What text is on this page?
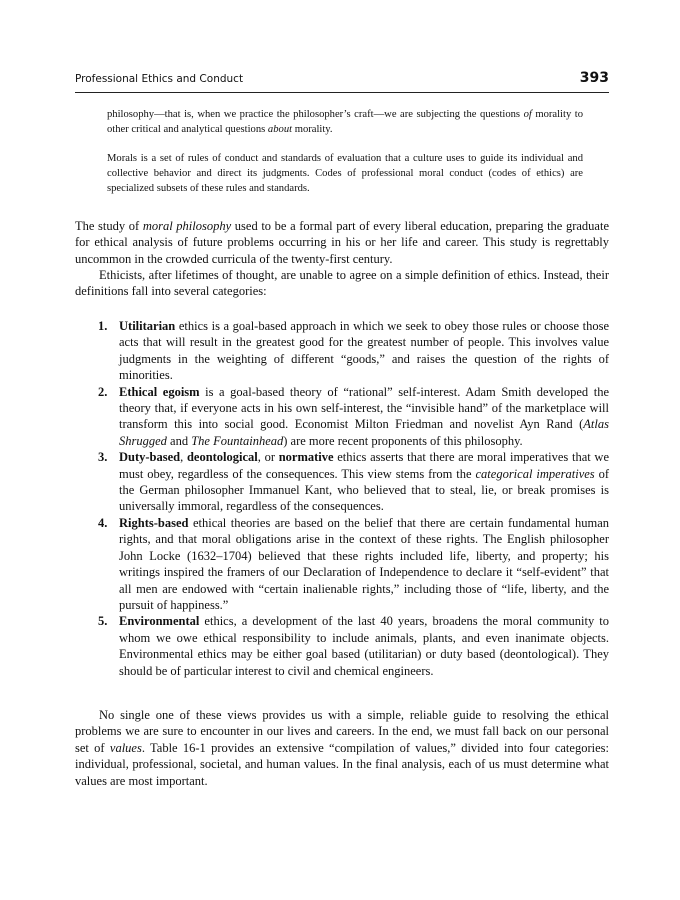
Professional Ethics and Conduct	393
philosophy—that is, when we practice the philosopher’s craft—we are subjecting the questions of morality to other critical and analytical questions about morality.
Morals is a set of rules of conduct and standards of evaluation that a culture uses to guide its individual and collective behavior and direct its judgments. Codes of professional moral conduct (codes of ethics) are specialized subsets of these rules and standards.
The study of moral philosophy used to be a formal part of every liberal education, preparing the graduate for ethical analysis of future problems occurring in his or her life and career. This study is regrettably uncommon in the crowded curricula of the twenty-first century.
Ethicists, after lifetimes of thought, are unable to agree on a simple definition of ethics. Instead, their definitions fall into several categories:
1. Utilitarian ethics is a goal-based approach in which we seek to obey those rules or choose those acts that will result in the greatest good for the greatest number of people. This involves value judgments in the weighting of different “goods,” and raises the question of the rights of minorities.
2. Ethical egoism is a goal-based theory of “rational” self-interest. Adam Smith developed the theory that, if everyone acts in his own self-interest, the “invisible hand” of the marketplace will transform this into social good. Economist Milton Friedman and novelist Ayn Rand (Atlas Shrugged and The Fountainhead) are more recent proponents of this philosophy.
3. Duty-based, deontological, or normative ethics asserts that there are moral imperatives that we must obey, regardless of the consequences. This view stems from the categorical imperatives of the German philosopher Immanuel Kant, who believed that to steal, lie, or break promises is universally immoral, regardless of the consequences.
4. Rights-based ethical theories are based on the belief that there are certain fundamental human rights, and that moral obligations arise in the context of these rights. The English philosopher John Locke (1632–1704) believed that these rights included life, liberty, and property; his writings inspired the framers of our Declaration of Independence to declare it “self-evident” that all men are endowed with “certain inalienable rights,” including those of “life, liberty, and the pursuit of happiness.”
5. Environmental ethics, a development of the last 40 years, broadens the moral community to whom we owe ethical responsibility to include animals, plants, and even inanimate objects. Environmental ethics may be either goal based (utilitarian) or duty based (deontological). They should be of particular interest to civil and chemical engineers.
No single one of these views provides us with a simple, reliable guide to resolving the ethical problems we are sure to encounter in our lives and careers. In the end, we must fall back on our personal set of values. Table 16-1 provides an extensive “compilation of values,” divided into four categories: individual, professional, societal, and human values. In the final analysis, each of us must determine what values are most important.
